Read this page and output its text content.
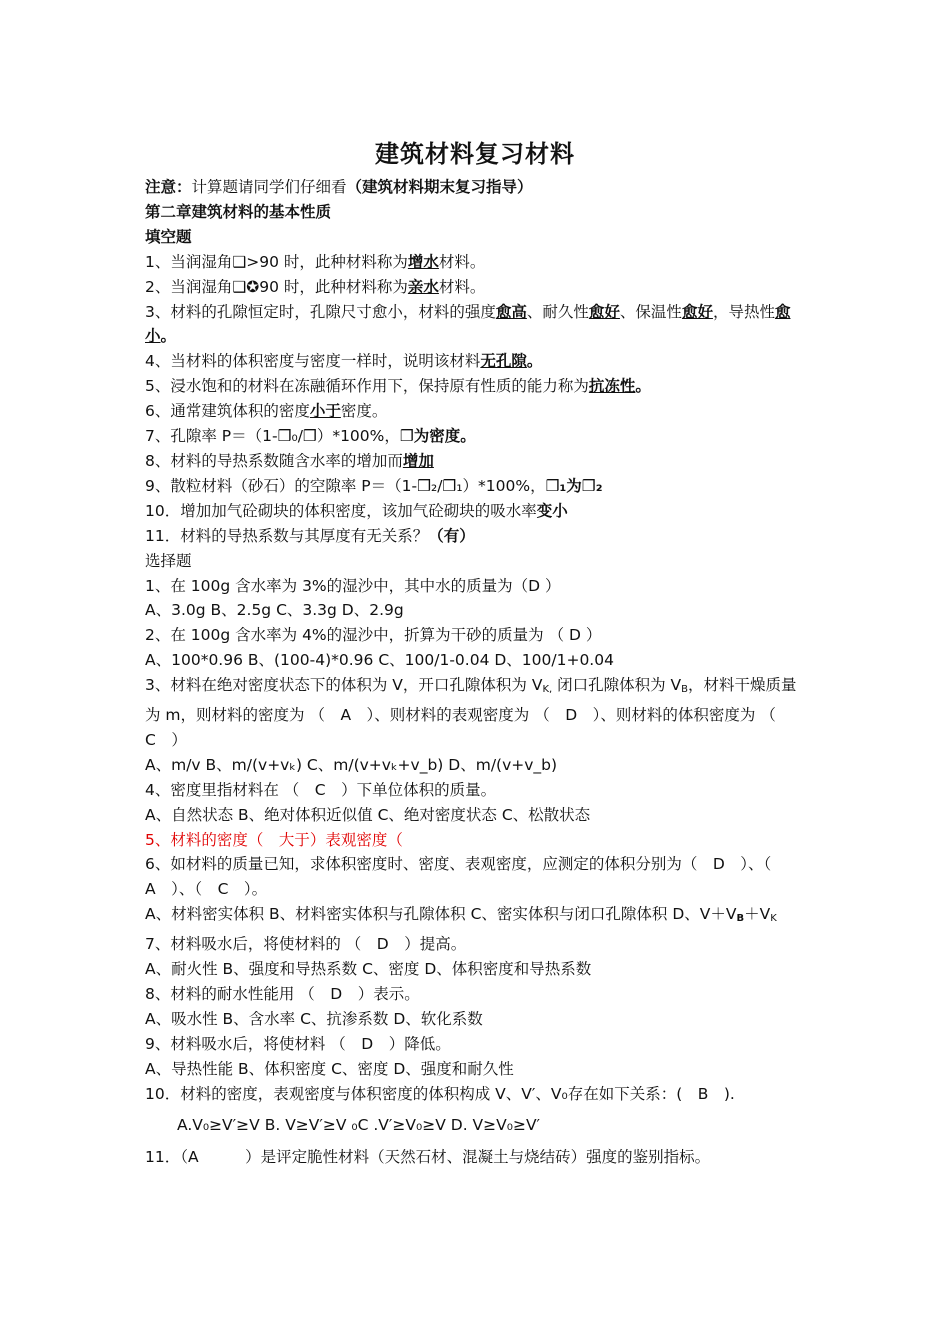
建筑材料复习材料
注意：计算题请同学们仔细看（建筑材料期末复习指导）
第二章建筑材料的基本性质
填空题
1、当润湿角❑>90 时，此种材料称为增水材料。
2、当润湿角❑✪90 时，此种材料称为亲水材料。
3、材料的孔隙恒定时，孔隙尺寸愈小，材料的强度愈高、耐久性愈好、保温性愈好，导热性愈小。
4、当材料的体积密度与密度一样时，说明该材料无孔隙。
5、浸水饱和的材料在冻融循环作用下，保持原有性质的能力称为抗冻性。
6、通常建筑体积的密度小于密度。
7、孔隙率 P＝（1-❒₀/❒）*100%，❒为密度。
8、材料的导热系数随含水率的增加而增加
9、散粒材料（砂石）的空隙率 P＝（1-❒₂/❒₁）*100%，❒₁为❒₂
10．增加加气砼砌块的体积密度，该加气砼砌块的吸水率变小
11．材料的导热系数与其厚度有无关系？（有）
选择题
1、在 100g 含水率为 3%的湿沙中，其中水的质量为（D ）
A、3.0g B、2.5g C、3.3g D、2.9g
2、在 100g 含水率为 4%的湿沙中，折算为干砂的质量为 （ D ）
A、100*0.96 B、(100-4)*0.96 C、100/1-0.04 D、100/1+0.04
3、材料在绝对密度状态下的体积为 V，开口孔隙体积为 VK, 闭口孔隙体积为 VB，材料干燥质量为 m，则材料的密度为 （　A　）、则材料的表观密度为 （　D　）、则材料的体积密度为 （　C　）
A、m/v B、m/(v+vₖ) C、m/(v+vₖ+v_b) D、m/(v+v_b)
4、密度里指材料在 （　C　）下单位体积的质量。
A、自然状态 B、绝对体积近似值 C、绝对密度状态 C、松散状态
5、材料的密度（　大于）表观密度（
6、如材料的质量已知，求体积密度时、密度、表观密度，应测定的体积分别为（　D　）、（　A　）、（　C　）。
A、材料密实体积 B、材料密实体积与孔隙体积 C、密实体积与闭口孔隙体积 D、V＋VB＋VK
7、材料吸水后，将使材料的 （　D　）提高。
A、耐火性 B、强度和导热系数 C、密度 D、体积密度和导热系数
8、材料的耐水性能用 （　D　）表示。
A、吸水性 B、含水率 C、抗渗系数 D、软化系数
9、材料吸水后，将使材料 （　D　）降低。
A、导热性能 B、体积密度 C、密度 D、强度和耐久性
10．材料的密度，表观密度与体积密度的体积构成 V、V′、V₀存在如下关系：(　B　).
A.V₀≥V′≥V B. V≥V′≥V ₀C .V′≥V₀≥V D. V≥V₀≥V′
11．（A　　　）是评定脆性材料（天然石材、混凝土与烧结砖）强度的鉴别指标。
